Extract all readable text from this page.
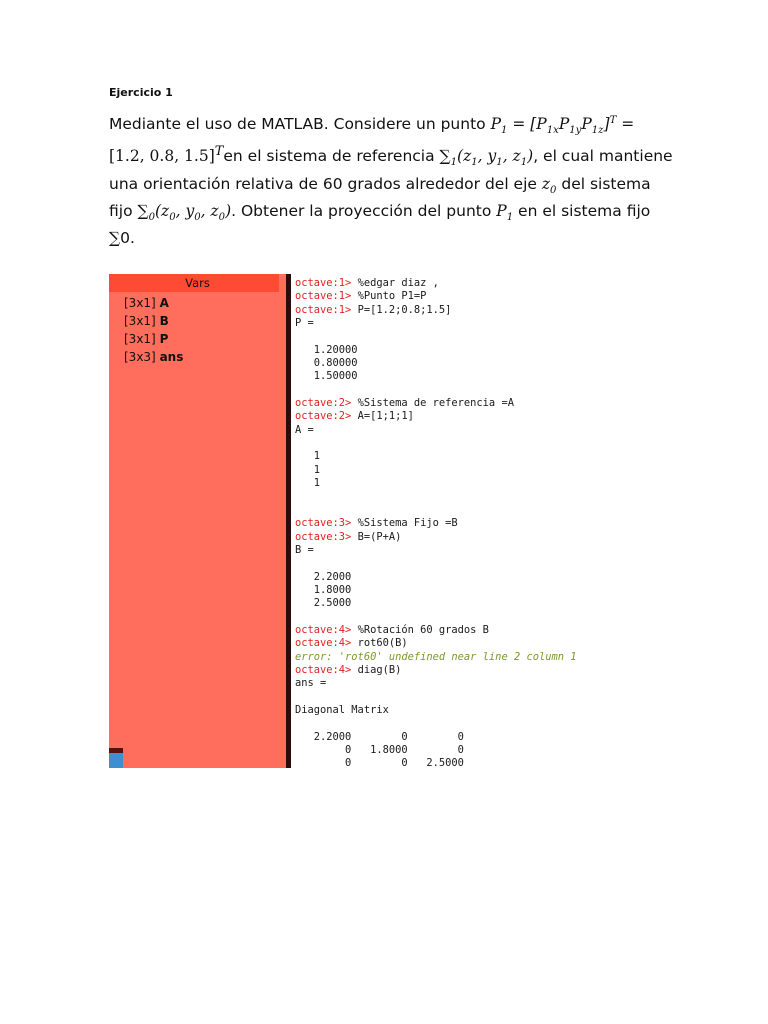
Ejercicio 1
Mediante el uso de MATLAB. Considere un punto $P_1 = [P_{1x}P_{1y}P_{1z}]^T$ =
[1.2, 0.8, 1.5]$^T$en el sistema de referencia $\sum_1(z_1$, $y_1$, $z_1$), el cual mantiene
una orientación relativa de 60 grados alrededor del eje $z_0$ del sistema
fijo $\sum_0(z_0$, $y_0$, $z_0$). Obtener la proyección del punto $P_1$ en el sistema fijo
∑0.
Vars
[3x1] A
[3x1] B
[3x1] P
[3x3] ans
octave:1> %edgar diaz ,
octave:1> %Punto P1=P
octave:1> P=[1.2;0.8;1.5]
P =
1.20000
0.80000
1.50000
octave:2> %Sistema de referencia =A
octave:2> A=[1;1;1]
A =
1
1
1
octave:3> %Sistema Fijo =B
octave:3> B=(P+A)
B =
2.2000
1.8000
2.5000
octave:4> %Rotación 60 grados B
octave:4> rot60(B)
error: 'rot60' undefined near line 2 column 1
octave:4> diag(B)
ans =
Diagonal Matrix
2.2000        0        0
0   1.8000        0
0        0   2.5000
